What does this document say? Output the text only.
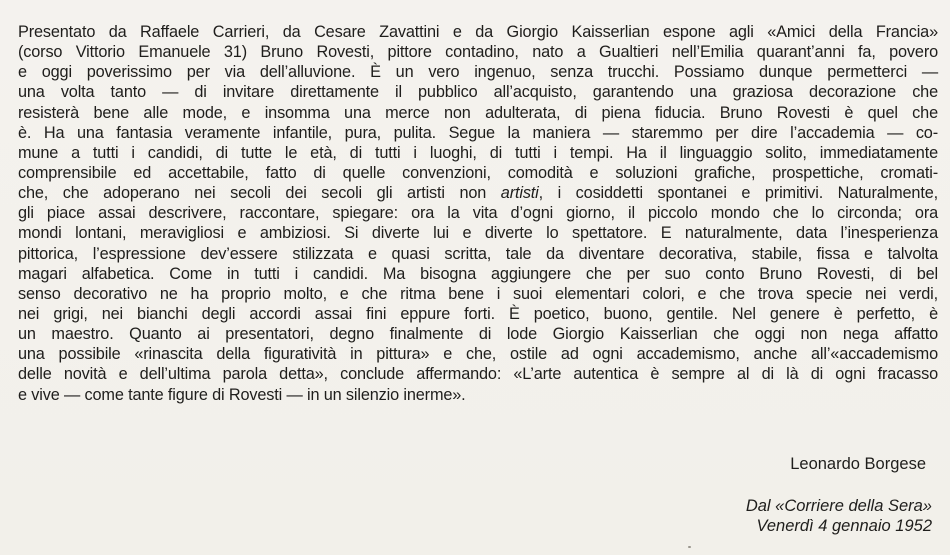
Presentato da Raffaele Carrieri, da Cesare Zavattini e da Giorgio Kaisserlian espone agli «Amici della Francia»
(corso Vittorio Emanuele 31) Bruno Rovesti, pittore contadino, nato a Gualtieri nell’Emilia quarant’anni fa, povero
e oggi poverissimo per via dell’alluvione. È un vero ingenuo, senza trucchi. Possiamo dunque permetterci —
una volta tanto — di invitare direttamente il pubblico all’acquisto, garantendo una graziosa decorazione che
resisterà bene alle mode, e insomma una merce non adulterata, di piena fiducia. Bruno Rovesti è quel che
è. Ha una fantasia veramente infantile, pura, pulita. Segue la maniera — staremmo per dire l’accademia — co-
mune a tutti i candidi, di tutte le età, di tutti i luoghi, di tutti i tempi. Ha il linguaggio solito, immediatamente
comprensibile ed accettabile, fatto di quelle convenzioni, comodità e soluzioni grafiche, prospettiche, cromati-
che, che adoperano nei secoli dei secoli gli artisti non artisti, i cosiddetti spontanei e primitivi. Naturalmente,
gli piace assai descrivere, raccontare, spiegare: ora la vita d’ogni giorno, il piccolo mondo che lo circonda; ora
mondi lontani, meravigliosi e ambiziosi. Si diverte lui e diverte lo spettatore. E naturalmente, data l’inesperienza
pittorica, l’espressione dev’essere stilizzata e quasi scritta, tale da diventare decorativa, stabile, fissa e talvolta
magari alfabetica. Come in tutti i candidi. Ma bisogna aggiungere che per suo conto Bruno Rovesti, di bel
senso decorativo ne ha proprio molto, e che ritma bene i suoi elementari colori, e che trova specie nei verdi,
nei grigi, nei bianchi degli accordi assai fini eppure forti. È poetico, buono, gentile. Nel genere è perfetto, è
un maestro. Quanto ai presentatori, degno finalmente di lode Giorgio Kaisserlian che oggi non nega affatto
una possibile «rinascita della figuratività in pittura» e che, ostile ad ogni accademismo, anche all’«accademismo
delle novità e dell’ultima parola detta», conclude affermando: «L’arte autentica è sempre al di là di ogni fracasso
e vive — come tante figure di Rovesti — in un silenzio inerme».
Leonardo Borgese
Dal «Corriere della Sera»
Venerdì 4 gennaio 1952
